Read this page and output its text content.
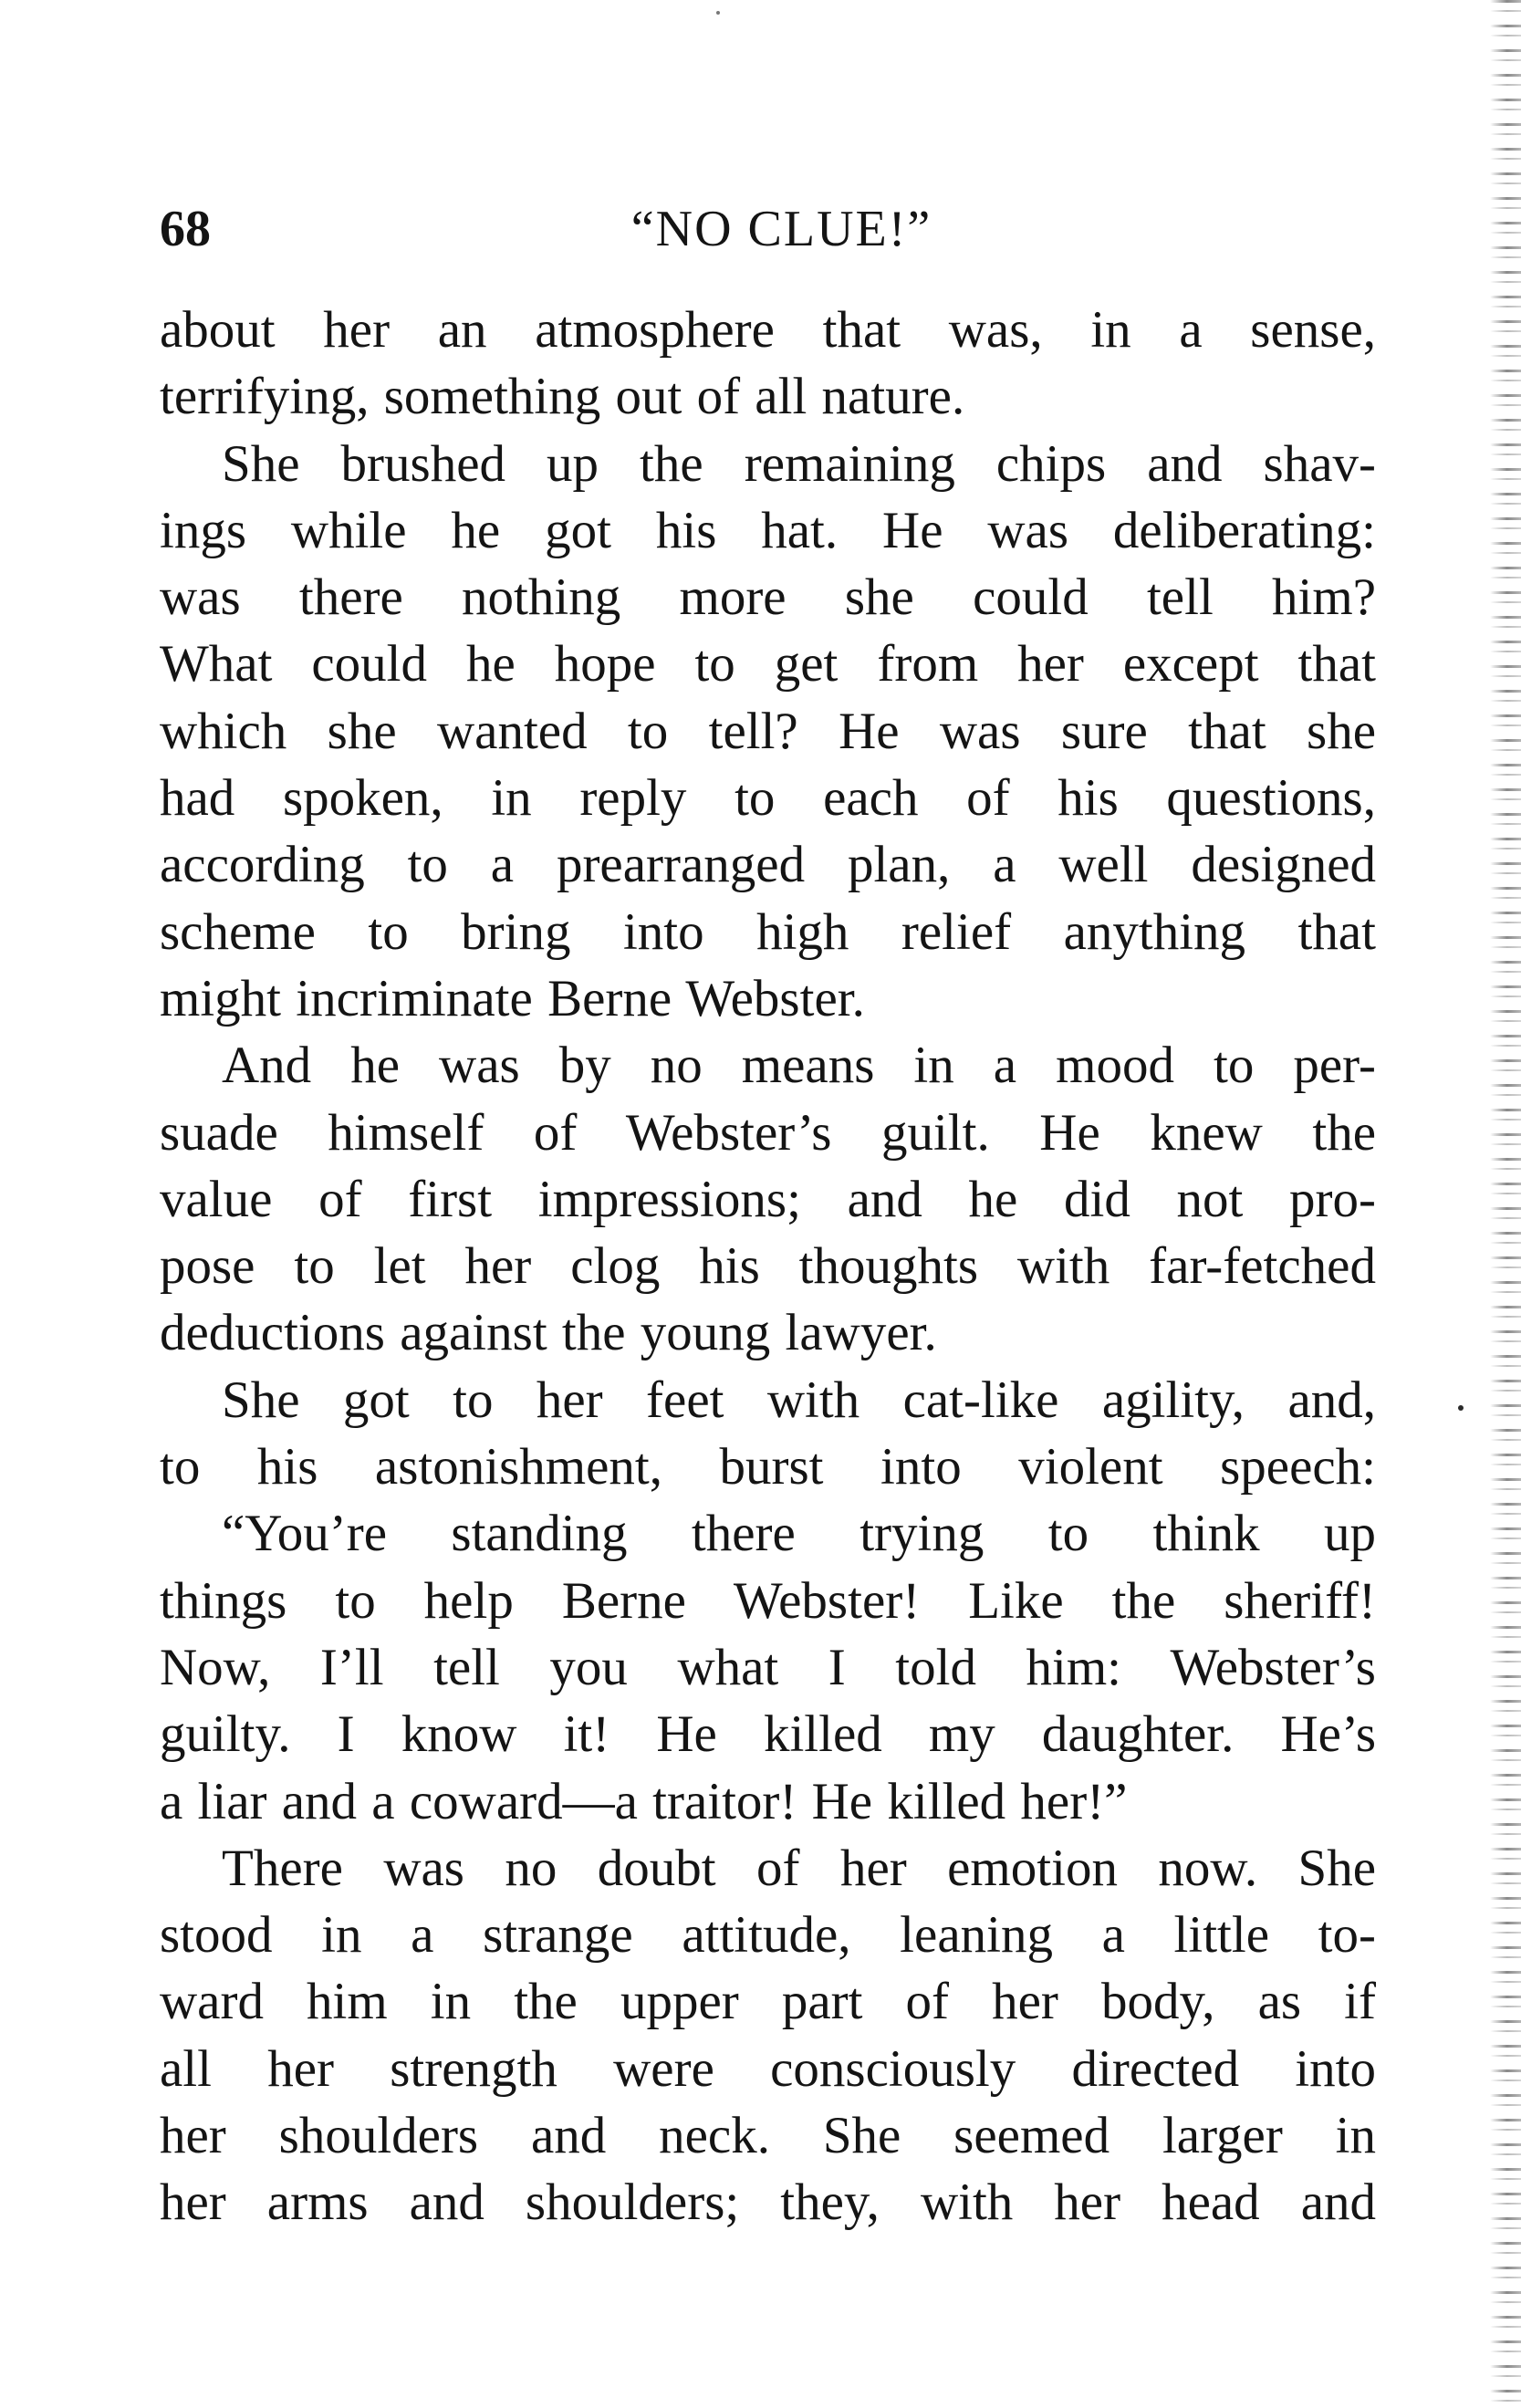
68	“NO CLUE!”
about her an atmosphere that was, in a sense,
terrifying, something out of all nature.
She brushed up the remaining chips and shav-
ings while he got his hat. He was deliberating:
was there nothing more she could tell him?
What could he hope to get from her except that
which she wanted to tell? He was sure that she
had spoken, in reply to each of his questions,
according to a prearranged plan, a well designed
scheme to bring into high relief anything that
might incriminate Berne Webster.
And he was by no means in a mood to per-
suade himself of Webster’s guilt. He knew the
value of first impressions; and he did not pro-
pose to let her clog his thoughts with far-fetched
deductions against the young lawyer.
She got to her feet with cat-like agility, and,
to his astonishment, burst into violent speech:
“You’re standing there trying to think up
things to help Berne Webster! Like the sheriff!
Now, I’ll tell you what I told him: Webster’s
guilty. I know it! He killed my daughter. He’s
a liar and a coward—a traitor! He killed her!”
There was no doubt of her emotion now. She
stood in a strange attitude, leaning a little to-
ward him in the upper part of her body, as if
all her strength were consciously directed into
her shoulders and neck. She seemed larger in
her arms and shoulders; they, with her head and
